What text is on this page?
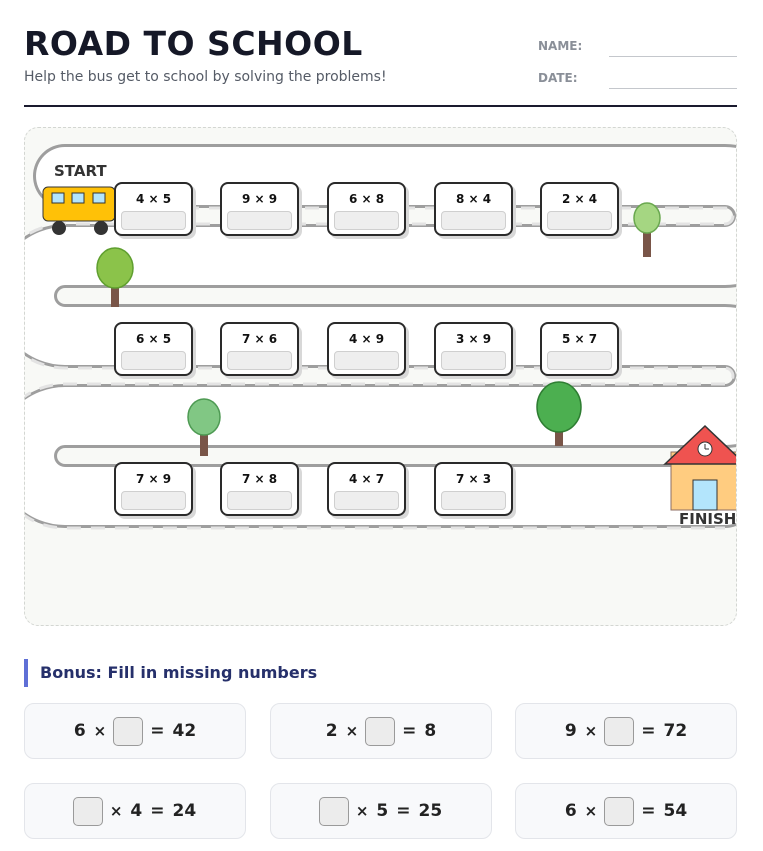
ROAD TO SCHOOL
Help the bus get to school by solving the problems!
NAME:
DATE:
START
FINISH
4 × 5	9 × 9	6 × 8	8 × 4	2 × 4
6 × 5	7 × 6	4 × 9	3 × 9	5 × 7
7 × 9	7 × 8	4 × 7	7 × 3
Bonus: Fill in missing numbers
6 ×	= 42	2 ×	= 8	9 ×	= 72
× 4 = 24	× 5 = 25	6 ×	= 54
